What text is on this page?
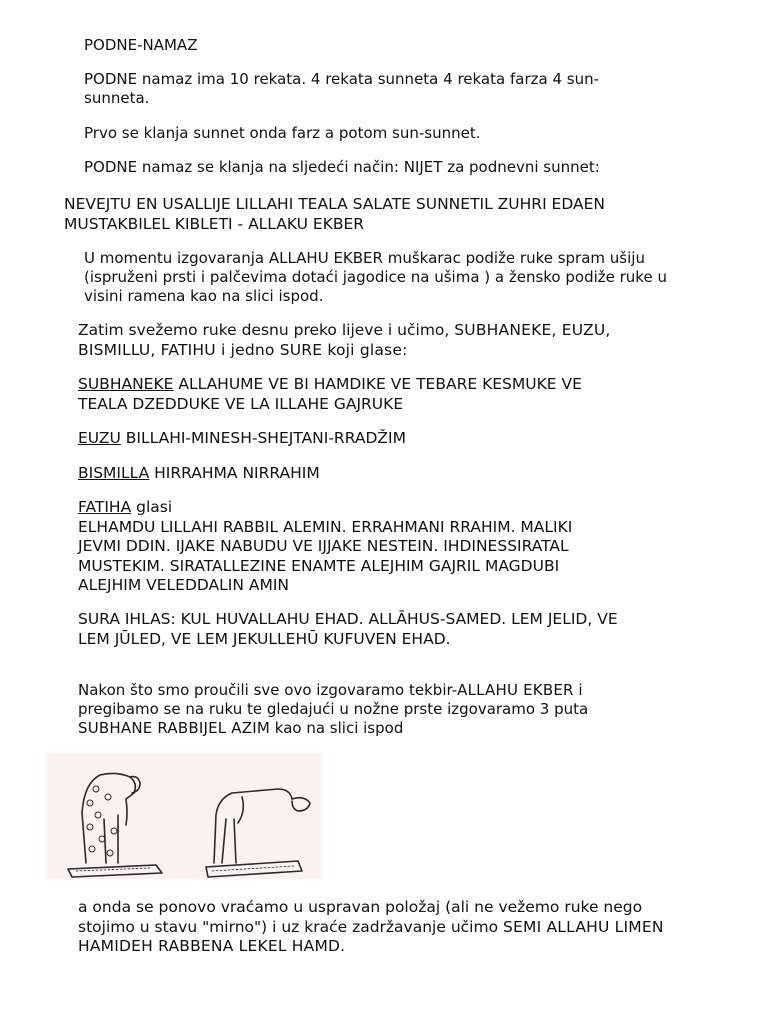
PODNE-NAMAZ

PODNE namaz ima 10 rekata. 4 rekata sunneta 4 rekata farza 4 sun-

sunneta.

Prvo se klanja sunnet onda farz a potom sun-sunnet.

PODNE namaz se klanja na sljedeći način: NIJET za podnevni sunnet:

NEVEJTU EN USALLIJE LILLAHI TEALA SALATE SUNNETIL ZUHRI EDAEN

MUSTAKBILEL KIBLETI - ALLAKU EKBER

U momentu izgovaranja ALLAHU EKBER muškarac podiže ruke spram ušiju

(ispruženi prsti i palčevima dotaći jagodice na ušima ) a žensko podiže ruke u

visini ramena kao na slici ispod.

Zatim svežemo ruke desnu preko lijeve i učimo, SUBHANEKE, EUZU,

BISMILLU, FATIHU i jedno SURE koji glase:

SUBHANEKE ALLAHUME VE BI HAMDIKE VE TEBARE KESMUKE VE

TEALA DZEDDUKE VE LA ILLAHE GAJRUKE

EUZU BILLAHI-MINESH-SHEJTANI-RRADŽIM

BISMILLA HIRRAHMA NIRRAHIM

FATIHA glasi

ELHAMDU LILLAHI RABBIL ALEMIN. ERRAHMANI RRAHIM. MALIKI

JEVMI DDIN. IJAKE NABUDU VE IJJAKE NESTEIN. IHDINESSIRATAL

MUSTEKIM. SIRATALLEZINE ENAMTE ALEJHIM GAJRIL MAGDUBI

ALEJHIM VELEDDALIN AMIN

SURA IHLAS: KUL HUVALLAHU EHAD. ALLĀHUS-SAMED. LEM JELID, VE

LEM JŪLED, VE LEM JEKULLEHŪ KUFUVEN EHAD.

Nakon što smo proučili sve ovo izgovaramo tekbir-ALLAHU EKBER i

pregibamo se na ruku te gledajući u nožne prste izgovaramo 3 puta

SUBHANE RABBIJEL AZIM kao na slici ispod

a onda se ponovo vraćamo u uspravan položaj (ali ne vežemo ruke nego

stojimo u stavu "mirno") i uz kraće zadržavanje učimo SEMI ALLAHU LIMEN

HAMIDEH RABBENA LEKEL HAMD.
